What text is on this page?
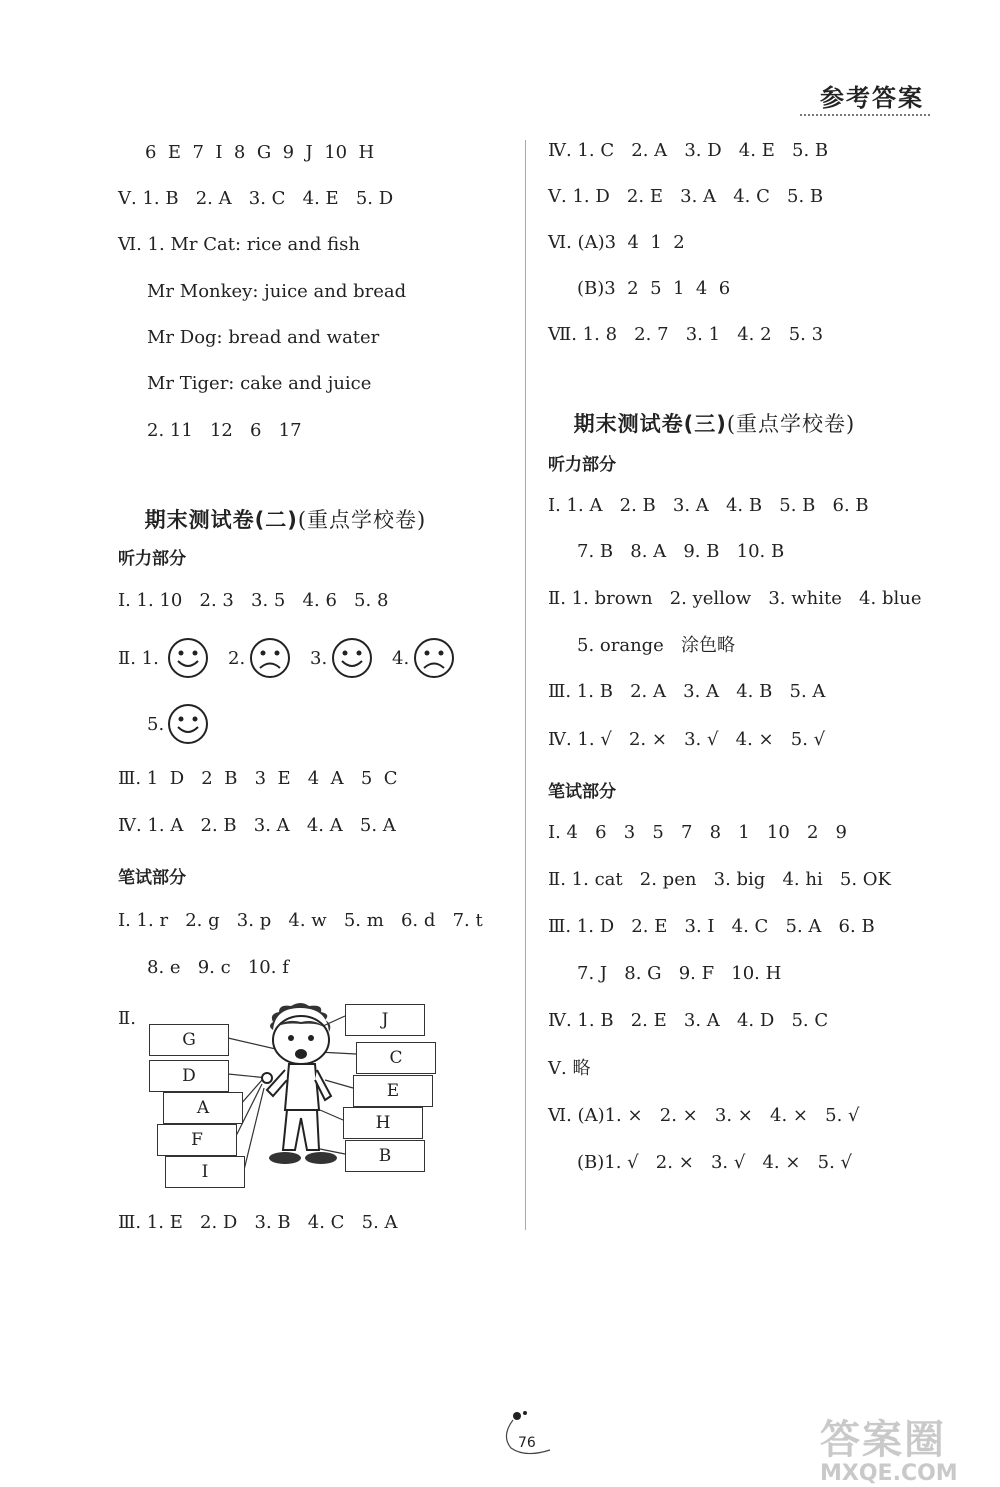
参考答案
6  E  7  I  8  G  9  J  10  H
Ⅴ. 1. B   2. A   3. C   4. E   5. D
Ⅵ. 1. Mr Cat: rice and fish
Mr Monkey: juice and bread
Mr Dog: bread and water
Mr Tiger: cake and juice
2. 11   12   6   17

期末测试卷(二)(重点学校卷)

听力部分
Ⅰ. 1. 10   2. 3   3. 5   4. 6   5. 8
Ⅱ. 1.	2.	3.	4.
5.
Ⅲ. 1  D   2  B   3  E   4  A   5  C
Ⅳ. 1. A   2. B   3. A   4. A   5. A
笔试部分
Ⅰ. 1. r   2. g   3. p   4. w   5. m   6. d   7. t
8. e   9. c   10. f
Ⅱ.
G
D
A
F
I
J
C
E
H
B
Ⅲ. 1. E   2. D   3. B   4. C   5. A
Ⅳ. 1. C   2. A   3. D   4. E   5. B
Ⅴ. 1. D   2. E   3. A   4. C   5. B
Ⅵ. (A)3  4  1  2
(B)3  2  5  1  4  6
Ⅶ. 1. 8   2. 7   3. 1   4. 2   5. 3

期末测试卷(三)(重点学校卷)

听力部分
Ⅰ. 1. A   2. B   3. A   4. B   5. B   6. B
7. B   8. A   9. B   10. B
Ⅱ. 1. brown   2. yellow   3. white   4. blue
5. orange   涂色略
Ⅲ. 1. B   2. A   3. A   4. B   5. A
Ⅳ. 1. √   2. ×   3. √   4. ×   5. √
笔试部分
Ⅰ. 4   6   3   5   7   8   1   10   2   9
Ⅱ. 1. cat   2. pen   3. big   4. hi   5. OK
Ⅲ. 1. D   2. E   3. I   4. C   5. A   6. B
7. J   8. G   9. F   10. H
Ⅳ. 1. B   2. E   3. A   4. D   5. C
Ⅴ. 略
Ⅵ. (A)1. ×   2. ×   3. ×   4. ×   5. √
(B)1. √   2. ×   3. √   4. ×   5. √
76	答案圈
MXQE.COM
